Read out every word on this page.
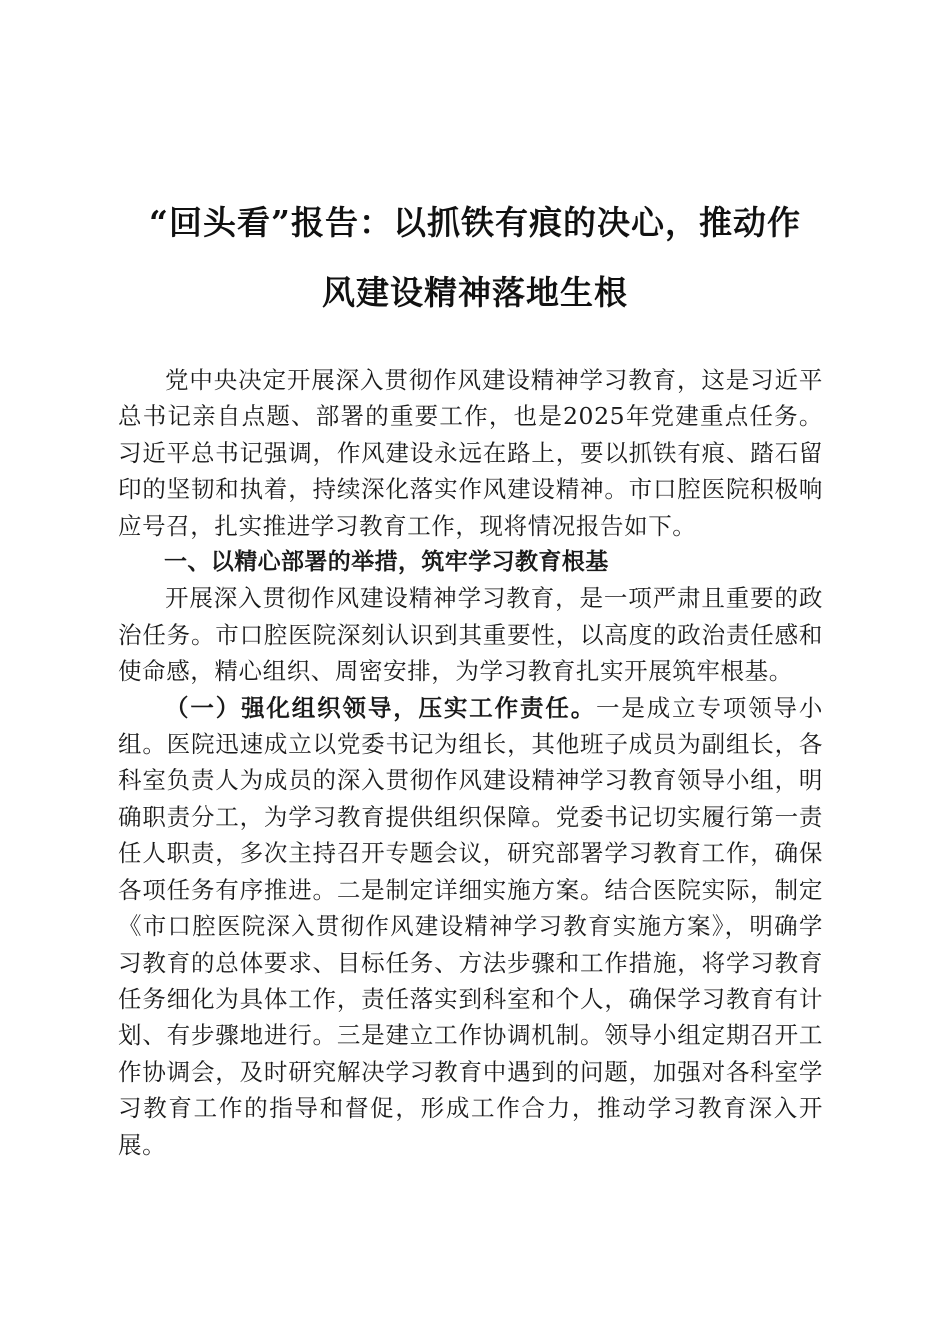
“回头看”报告：以抓铁有痕的决心，推动作
风建设精神落地生根

党中央决定开展深入贯彻作风建设精神学习教育，这是习近平总书记亲自点题、部署的重要工作，也是2025年党建重点任务。习近平总书记强调，作风建设永远在路上，要以抓铁有痕、踏石留印的坚韧和执着，持续深化落实作风建设精神。市口腔医院积极响应号召，扎实推进学习教育工作，现将情况报告如下。

一、以精心部署的举措，筑牢学习教育根基

开展深入贯彻作风建设精神学习教育，是一项严肃且重要的政治任务。市口腔医院深刻认识到其重要性，以高度的政治责任感和使命感，精心组织、周密安排，为学习教育扎实开展筑牢根基。

（一）强化组织领导，压实工作责任。一是成立专项领导小组。医院迅速成立以党委书记为组长，其他班子成员为副组长，各科室负责人为成员的深入贯彻作风建设精神学习教育领导小组，明确职责分工，为学习教育提供组织保障。党委书记切实履行第一责任人职责，多次主持召开专题会议，研究部署学习教育工作，确保各项任务有序推进。二是制定详细实施方案。结合医院实际，制定《市口腔医院深入贯彻作风建设精神学习教育实施方案》，明确学习教育的总体要求、目标任务、方法步骤和工作措施，将学习教育任务细化为具体工作，责任落实到科室和个人，确保学习教育有计划、有步骤地进行。三是建立工作协调机制。领导小组定期召开工作协调会，及时研究解决学习教育中遇到的问题，加强对各科室学习教育工作的指导和督促，形成工作合力，推动学习教育深入开展。
